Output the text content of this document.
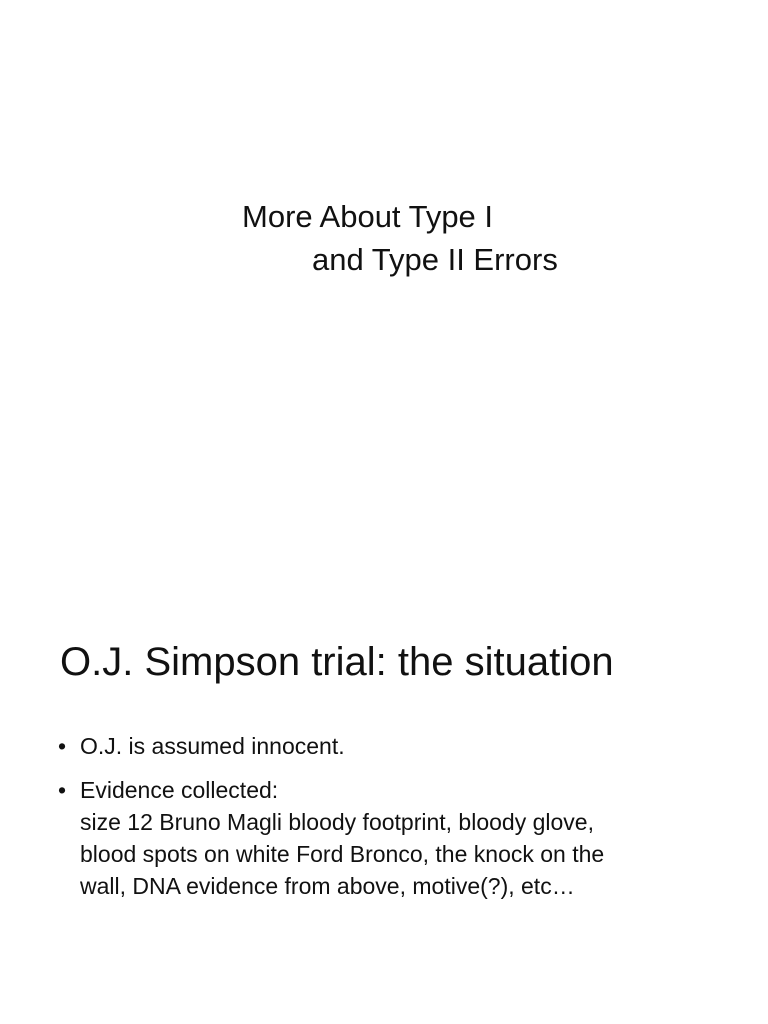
More About Type I
and Type II Errors
O.J. Simpson trial: the situation
• O.J. is assumed innocent.
• Evidence collected:
size 12 Bruno Magli bloody footprint, bloody glove,
blood spots on white Ford Bronco, the knock on the
wall, DNA evidence from above, motive(?), etc…
